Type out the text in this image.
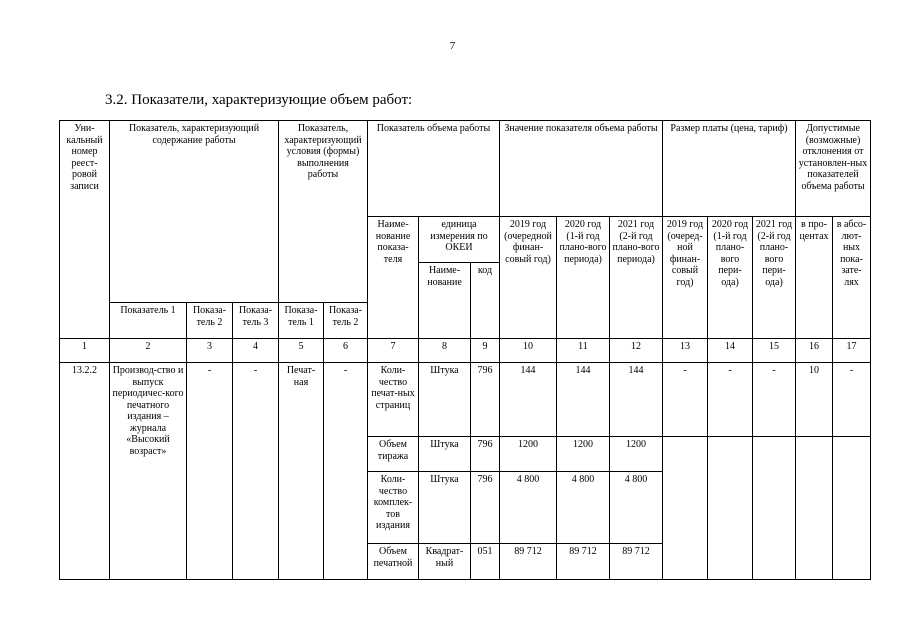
7
3.2. Показатели, характеризующие объем работ:
Уни-кальный номер реест-ровой записи	Показатель, характеризующий содержание работы			Показатель, характеризующий условия (формы) выполнения работы		Показатель объема работы			Значение показателя объема работы			Размер платы (цена, тариф)			Допустимые (возможные) отклонения от установлен-ных показателей объема работы	
						Наиме-нование показа-теля	единица измерения по ОКЕИ		2019 год (очередной финан-совый год)	2020 год (1-й год плано-вого периода)	2021 год (2-й год плано-вого периода)	2019 год (очеред-ной финан-совый год)	2020 год (1-й год плано-вого пери-ода)	2021 год (2-й год плано-вого пери-ода)	в про-центах	в абсо-лют-ных пока-зате-лях
							Наиме-нование	код								
	Показатель 1	Показа-тель 2	Показа-тель 3	Показа-тель 1	Показа-тель 2											
1	2	3	4	5	6	7	8	9	10	11	12	13	14	15	16	17
13.2.2	Производ-ство и выпуск периодичес-кого печатного издания – журнала «Высокий возраст»	-	-	Печат-ная	-	Коли-чество печат-ных страниц	Штука	796	144	144	144	-	-	-	10	-
						Объем тиража	Штука	796	1200	1200	1200					
						Коли-чество комплек-тов издания	Штука	796	4 800	4 800	4 800					
						Объем печатной	Квадрат-ный	051	89 712	89 712	89 712					
